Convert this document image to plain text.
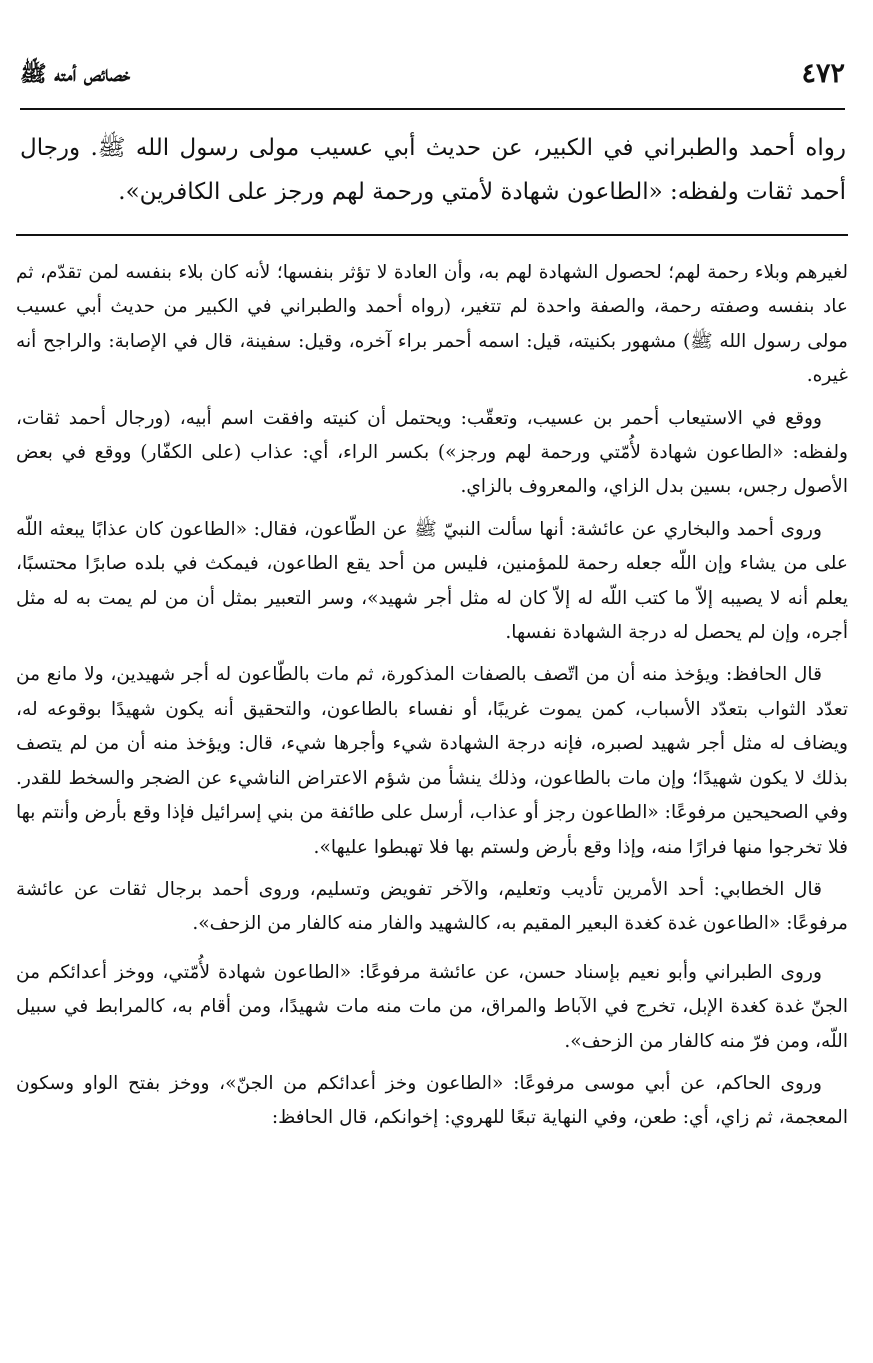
٤٧٢
خصائص أمته ﷺ

رواه أحمد والطبراني في الكبير، عن حديث أبي عسيب مولى رسول الله ﷺ. ورجال أحمد ثقات ولفظه: «الطاعون شهادة لأمتي ورحمة لهم ورجز على الكافرين».

لغيرهم وبلاء رحمة لهم؛ لحصول الشهادة لهم به، وأن العادة لا تؤثر بنفسها؛ لأنه كان بلاء بنفسه لمن تقدّم، ثم عاد بنفسه وصفته رحمة، والصفة واحدة لم تتغير، (رواه أحمد والطبراني في الكبير من حديث أبي عسيب مولى رسول الله ﷺ) مشهور بكنيته، قيل: اسمه أحمر براء آخره، وقيل: سفينة، قال في الإصابة: والراجح أنه غيره.

ووقع في الاستيعاب أحمر بن عسيب، وتعقّب: ويحتمل أن كنيته وافقت اسم أبيه، (ورجال أحمد ثقات، ولفظه: «الطاعون شهادة لأُمّتي ورحمة لهم ورجز») بكسر الراء، أي: عذاب (على الكفّار) ووقع في بعض الأصول رجس، بسين بدل الزاي، والمعروف بالزاي.

وروى أحمد والبخاري عن عائشة: أنها سألت النبيّ ﷺ عن الطّاعون، فقال: «الطاعون كان عذابًا يبعثه اللّه على من يشاء وإن اللّه جعله رحمة للمؤمنين، فليس من أحد يقع الطاعون، فيمكث في بلده صابرًا محتسبًا، يعلم أنه لا يصيبه إلاّ ما كتب اللّه له إلاّ كان له مثل أجر شهيد»، وسر التعبير بمثل أن من لم يمت به له مثل أجره، وإن لم يحصل له درجة الشهادة نفسها.

قال الحافظ: ويؤخذ منه أن من اتّصف بالصفات المذكورة، ثم مات بالطّاعون له أجر شهيدين، ولا مانع من تعدّد الثواب بتعدّد الأسباب، كمن يموت غريبًا، أو نفساء بالطاعون، والتحقيق أنه يكون شهيدًا بوقوعه له، ويضاف له مثل أجر شهيد لصبره، فإنه درجة الشهادة شيء وأجرها شيء، قال: ويؤخذ منه أن من لم يتصف بذلك لا يكون شهيدًا؛ وإن مات بالطاعون، وذلك ينشأ من شؤم الاعتراض الناشيء عن الضجر والسخط للقدر. وفي الصحيحين مرفوعًا: «الطاعون رجز أو عذاب، أرسل على طائفة من بني إسرائيل فإذا وقع بأرض وأنتم بها فلا تخرجوا منها فرارًا منه، وإذا وقع بأرض ولستم بها فلا تهبطوا عليها».

قال الخطابي: أحد الأمرين تأديب وتعليم، والآخر تفويض وتسليم، وروى أحمد برجال ثقات عن عائشة مرفوعًا: «الطاعون غدة كغدة البعير المقيم به، كالشهيد والفار منه كالفار من الزحف».

وروى الطبراني وأبو نعيم بإسناد حسن، عن عائشة مرفوعًا: «الطاعون شهادة لأُمّتي، ووخز أعدائكم من الجنّ غدة كغدة الإبل، تخرج في الآباط والمراق، من مات منه مات شهيدًا، ومن أقام به، كالمرابط في سبيل اللّه، ومن فرّ منه كالفار من الزحف».

وروى الحاكم، عن أبي موسى مرفوعًا: «الطاعون وخز أعدائكم من الجنّ»، ووخز بفتح الواو وسكون المعجمة، ثم زاي، أي: طعن، وفي النهاية تبعًا للهروي: إخوانكم، قال الحافظ:
